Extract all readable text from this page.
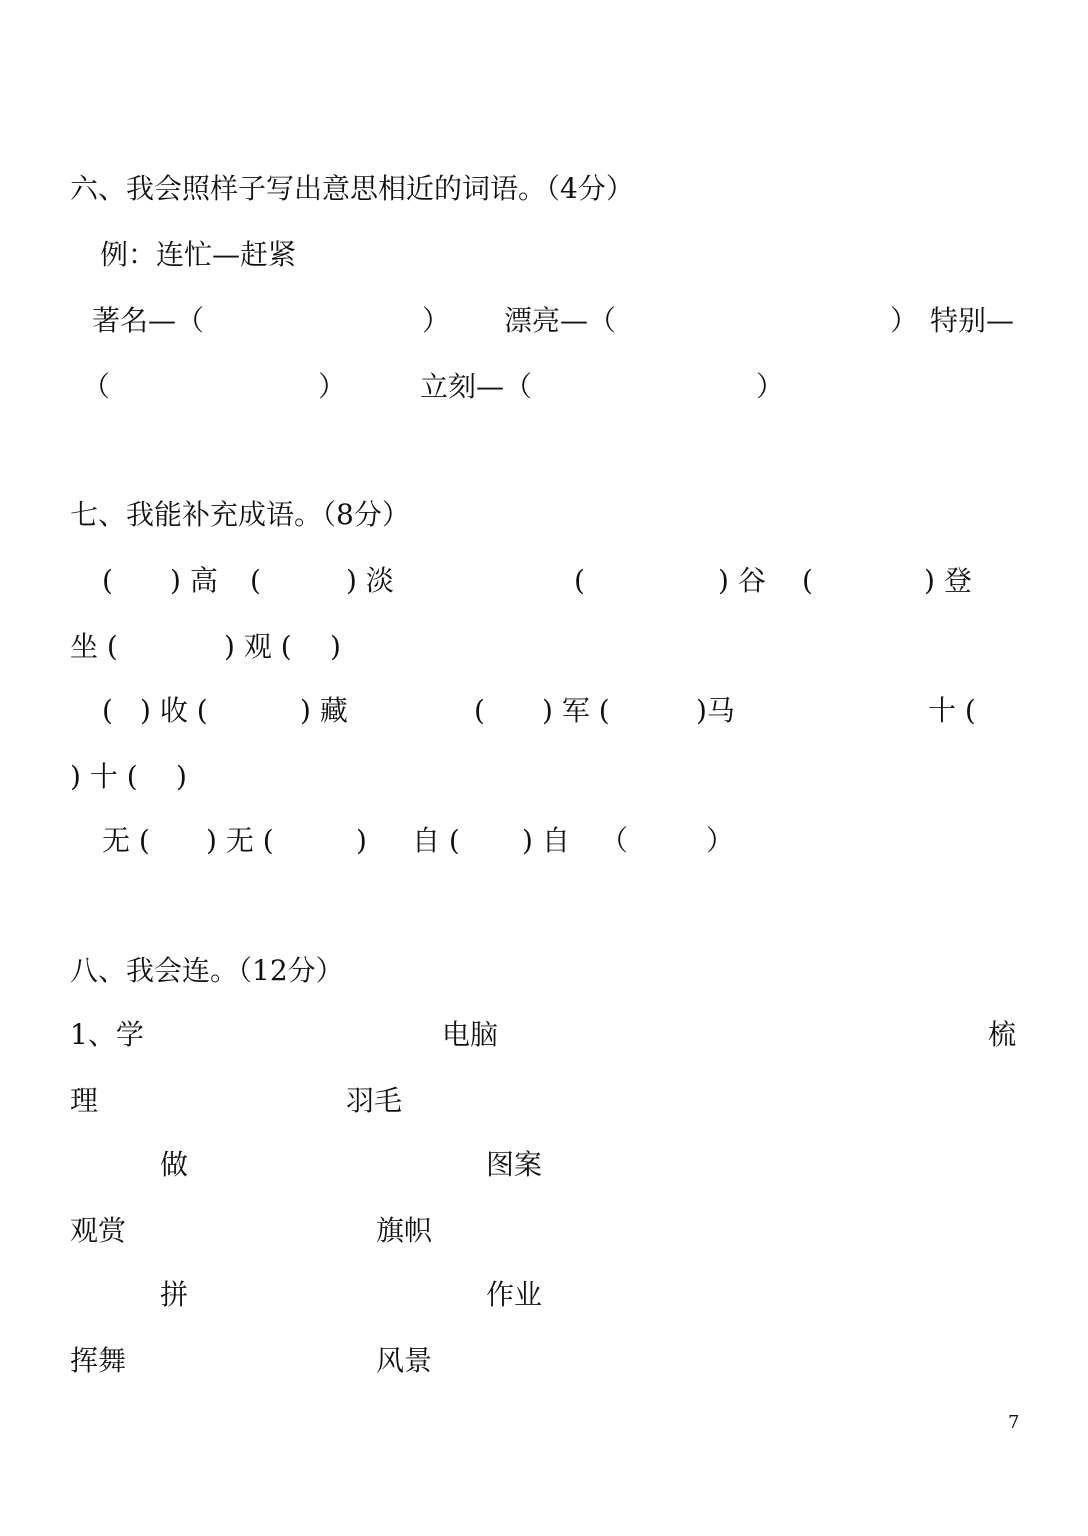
六、我会照样子写出意思相近的词语。（4分）
例：连忙—赶紧
著名—（	） 漂亮—（	） 特别—
（	）	立刻—（	）
七、我能补充成语。（8分）
( ) 高 (	) 淡	(	) 谷 (	) 登
坐 (	) 观 ( )
( ) 收 (	) 藏	( ) 军 (	)马	十 (
) 十 ( )
无 ( ) 无 (	) 自 ( ) 自 （	）
八、我会连。（12分）
1、学	电脑	梳
理	羽毛
做	图案
观赏	旗帜
拼	作业
挥舞	风景
7
